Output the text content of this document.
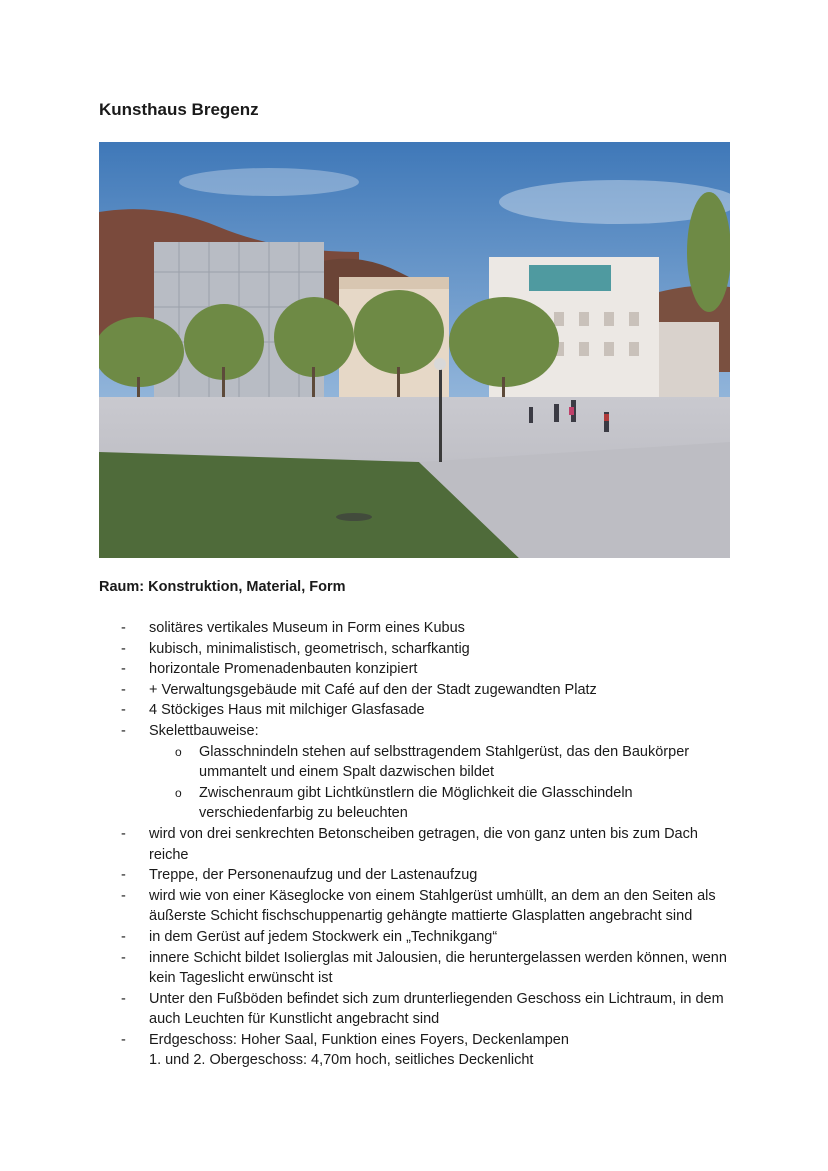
Kunsthaus Bregenz
Raum: Konstruktion, Material, Form
- solitäres vertikales Museum in Form eines Kubus
- kubisch, minimalistisch, geometrisch, scharfkantig
- horizontale Promenadenbauten konzipiert
- + Verwaltungsgebäude mit Café auf den der Stadt zugewandten Platz
- 4 Stöckiges Haus mit milchiger Glasfasade
- Skelettbauweise:
o Glasschnindeln stehen auf selbsttragendem Stahlgerüst, das den Baukörper ummantelt und einem Spalt dazwischen bildet
o Zwischenraum gibt Lichtkünstlern die Möglichkeit die Glasschindeln verschiedenfarbig zu beleuchten
- wird von drei senkrechten Betonscheiben getragen, die von ganz unten bis zum Dach reiche
- Treppe, der Personenaufzug und der Lastenaufzug
- wird wie von einer Käseglocke von einem Stahlgerüst umhüllt, an dem an den Seiten als äußerste Schicht fischschuppenartig gehängte mattierte Glasplatten angebracht sind
- in dem Gerüst auf jedem Stockwerk ein „Technikgang“
- innere Schicht bildet Isolierglas mit Jalousien, die heruntergelassen werden können, wenn kein Tageslicht erwünscht ist
- Unter den Fußböden befindet sich zum drunterliegenden Geschoss ein Lichtraum, in dem auch Leuchten für Kunstlicht angebracht sind
- Erdgeschoss: Hoher Saal, Funktion eines Foyers, Deckenlampen
1. und 2. Obergeschoss: 4,70m hoch, seitliches Deckenlicht
